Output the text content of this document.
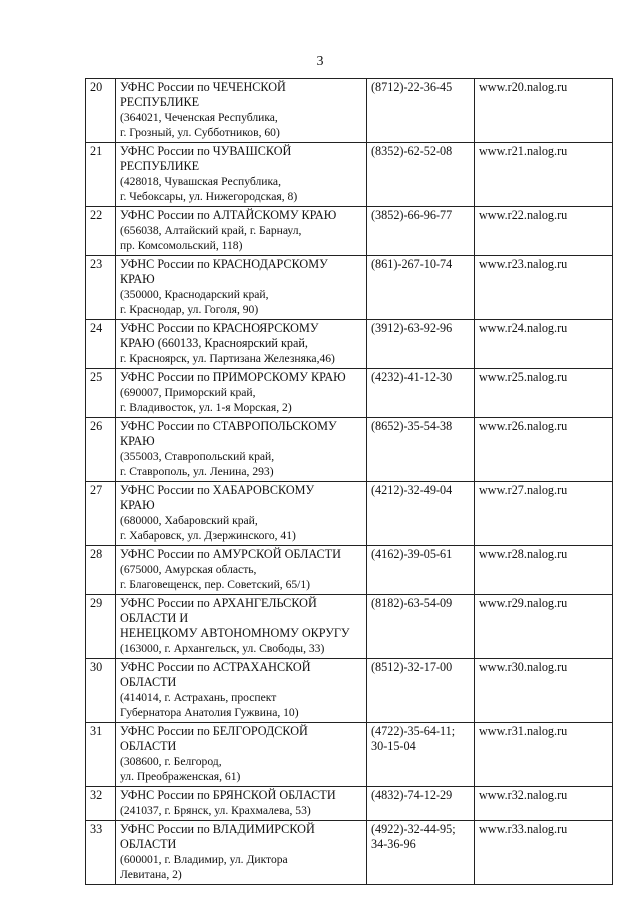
3
20	УФНС России по ЧЕЧЕНСКОЙ
РЕСПУБЛИКЕ
(364021, Чеченская Республика,
г. Грозный, ул. Субботников, 60)	(8712)-22-36-45	www.r20.nalog.ru
21	УФНС России по ЧУВАШСКОЙ
РЕСПУБЛИКЕ
(428018, Чувашская Республика,
г. Чебоксары, ул. Нижегородская, 8)	(8352)-62-52-08	www.r21.nalog.ru
22	УФНС России по АЛТАЙСКОМУ КРАЮ
(656038, Алтайский край, г. Барнаул,
пр. Комсомольский, 118)	(3852)-66-96-77	www.r22.nalog.ru
23	УФНС России по КРАСНОДАРСКОМУ
КРАЮ
(350000, Краснодарский край,
г. Краснодар, ул. Гоголя, 90)	(861)-267-10-74	www.r23.nalog.ru
24	УФНС России по КРАСНОЯРСКОМУ
КРАЮ (660133, Красноярский край,
г. Красноярск, ул. Партизана Железняка,46)	(3912)-63-92-96	www.r24.nalog.ru
25	УФНС России по ПРИМОРСКОМУ КРАЮ
(690007, Приморский край,
г. Владивосток, ул. 1-я Морская, 2)	(4232)-41-12-30	www.r25.nalog.ru
26	УФНС России по СТАВРОПОЛЬСКОМУ
КРАЮ
(355003, Ставропольский край,
г. Ставрополь, ул. Ленина, 293)	(8652)-35-54-38	www.r26.nalog.ru
27	УФНС России по ХАБАРОВСКОМУ
КРАЮ
(680000, Хабаровский край,
г. Хабаровск, ул. Дзержинского, 41)	(4212)-32-49-04	www.r27.nalog.ru
28	УФНС России по АМУРСКОЙ ОБЛАСТИ
(675000, Амурская область,
г. Благовещенск, пер. Советский, 65/1)	(4162)-39-05-61	www.r28.nalog.ru
29	УФНС России по АРХАНГЕЛЬСКОЙ
ОБЛАСТИ И
НЕНЕЦКОМУ АВТОНОМНОМУ ОКРУГУ
(163000, г. Архангельск, ул. Свободы, 33)	(8182)-63-54-09	www.r29.nalog.ru
30	УФНС России по АСТРАХАНСКОЙ
ОБЛАСТИ
(414014, г. Астрахань, проспект
Губернатора Анатолия Гужвина, 10)	(8512)-32-17-00	www.r30.nalog.ru
31	УФНС России по БЕЛГОРОДСКОЙ
ОБЛАСТИ
(308600, г. Белгород,
ул. Преображенская, 61)	(4722)-35-64-11;
30-15-04	www.r31.nalog.ru
32	УФНС России по БРЯНСКОЙ ОБЛАСТИ
(241037, г. Брянск, ул. Крахмалева, 53)	(4832)-74-12-29	www.r32.nalog.ru
33	УФНС России по ВЛАДИМИРСКОЙ
ОБЛАСТИ
(600001, г. Владимир, ул. Диктора
Левитана, 2)	(4922)-32-44-95;
34-36-96	www.r33.nalog.ru
